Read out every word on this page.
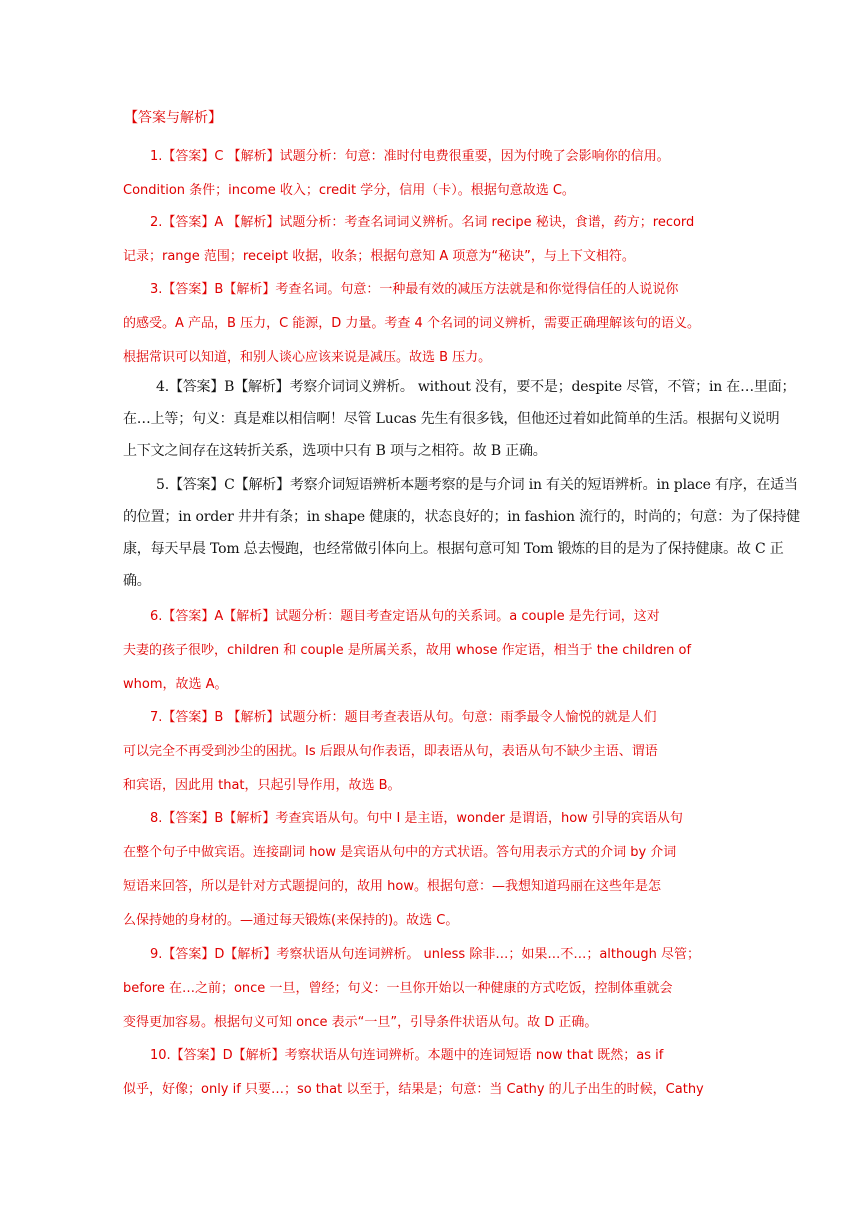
【答案与解析】
1.【答案】C 【解析】试题分析：句意：准时付电费很重要，因为付晚了会影响你的信用。
Condition 条件；income 收入；credit 学分，信用（卡）。根据句意故选 C。
2.【答案】A 【解析】试题分析：考查名词词义辨析。名词 recipe 秘诀，食谱，药方；record
记录；range 范围；receipt 收据，收条；根据句意知 A 项意为“秘诀”，与上下文相符。
3.【答案】B【解析】考查名词。句意：一种最有效的减压方法就是和你觉得信任的人说说你
的感受。A 产品，B 压力，C 能源，D 力量。考查 4 个名词的词义辨析，需要正确理解该句的语义。
根据常识可以知道，和别人谈心应该来说是减压。故选 B 压力。
4.【答案】B【解析】考察介词词义辨析。 without 没有，要不是；despite 尽管，不管；in 在…里面；
在…上等；句义：真是难以相信啊！尽管 Lucas 先生有很多钱，但他还过着如此简单的生活。根据句义说明
上下文之间存在这转折关系，选项中只有 B 项与之相符。故 B 正确。
5.【答案】C【解析】考察介词短语辨析本题考察的是与介词 in 有关的短语辨析。in place 有序，在适当
的位置；in order 井井有条；in shape 健康的，状态良好的；in fashion 流行的，时尚的；句意：为了保持健
康，每天早晨 Tom 总去慢跑，也经常做引体向上。根据句意可知 Tom 锻炼的目的是为了保持健康。故 C 正
确。
6.【答案】A【解析】试题分析：题目考查定语从句的关系词。a couple 是先行词，这对
夫妻的孩子很吵，children 和 couple 是所属关系，故用 whose 作定语，相当于 the children of
whom，故选 A。
7.【答案】B 【解析】试题分析：题目考查表语从句。句意：雨季最令人愉悦的就是人们
可以完全不再受到沙尘的困扰。Is 后跟从句作表语，即表语从句，表语从句不缺少主语、谓语
和宾语，因此用 that，只起引导作用，故选 B。
8.【答案】B【解析】考查宾语从句。句中 I 是主语，wonder 是谓语，how 引导的宾语从句
在整个句子中做宾语。连接副词 how 是宾语从句中的方式状语。答句用表示方式的介词 by 介词
短语来回答，所以是针对方式题提问的，故用 how。根据句意：—我想知道玛丽在这些年是怎
么保持她的身材的。—通过每天锻炼(来保持的)。故选 C。
9.【答案】D【解析】考察状语从句连词辨析。 unless 除非…；如果…不…；although 尽管；
before 在…之前；once 一旦，曾经；句义：一旦你开始以一种健康的方式吃饭，控制体重就会
变得更加容易。根据句义可知 once 表示“一旦”，引导条件状语从句。故 D 正确。
10.【答案】D【解析】考察状语从句连词辨析。本题中的连词短语 now that 既然；as if
似乎，好像；only if 只要…；so that 以至于，结果是；句意：当 Cathy 的儿子出生的时候，Cathy
